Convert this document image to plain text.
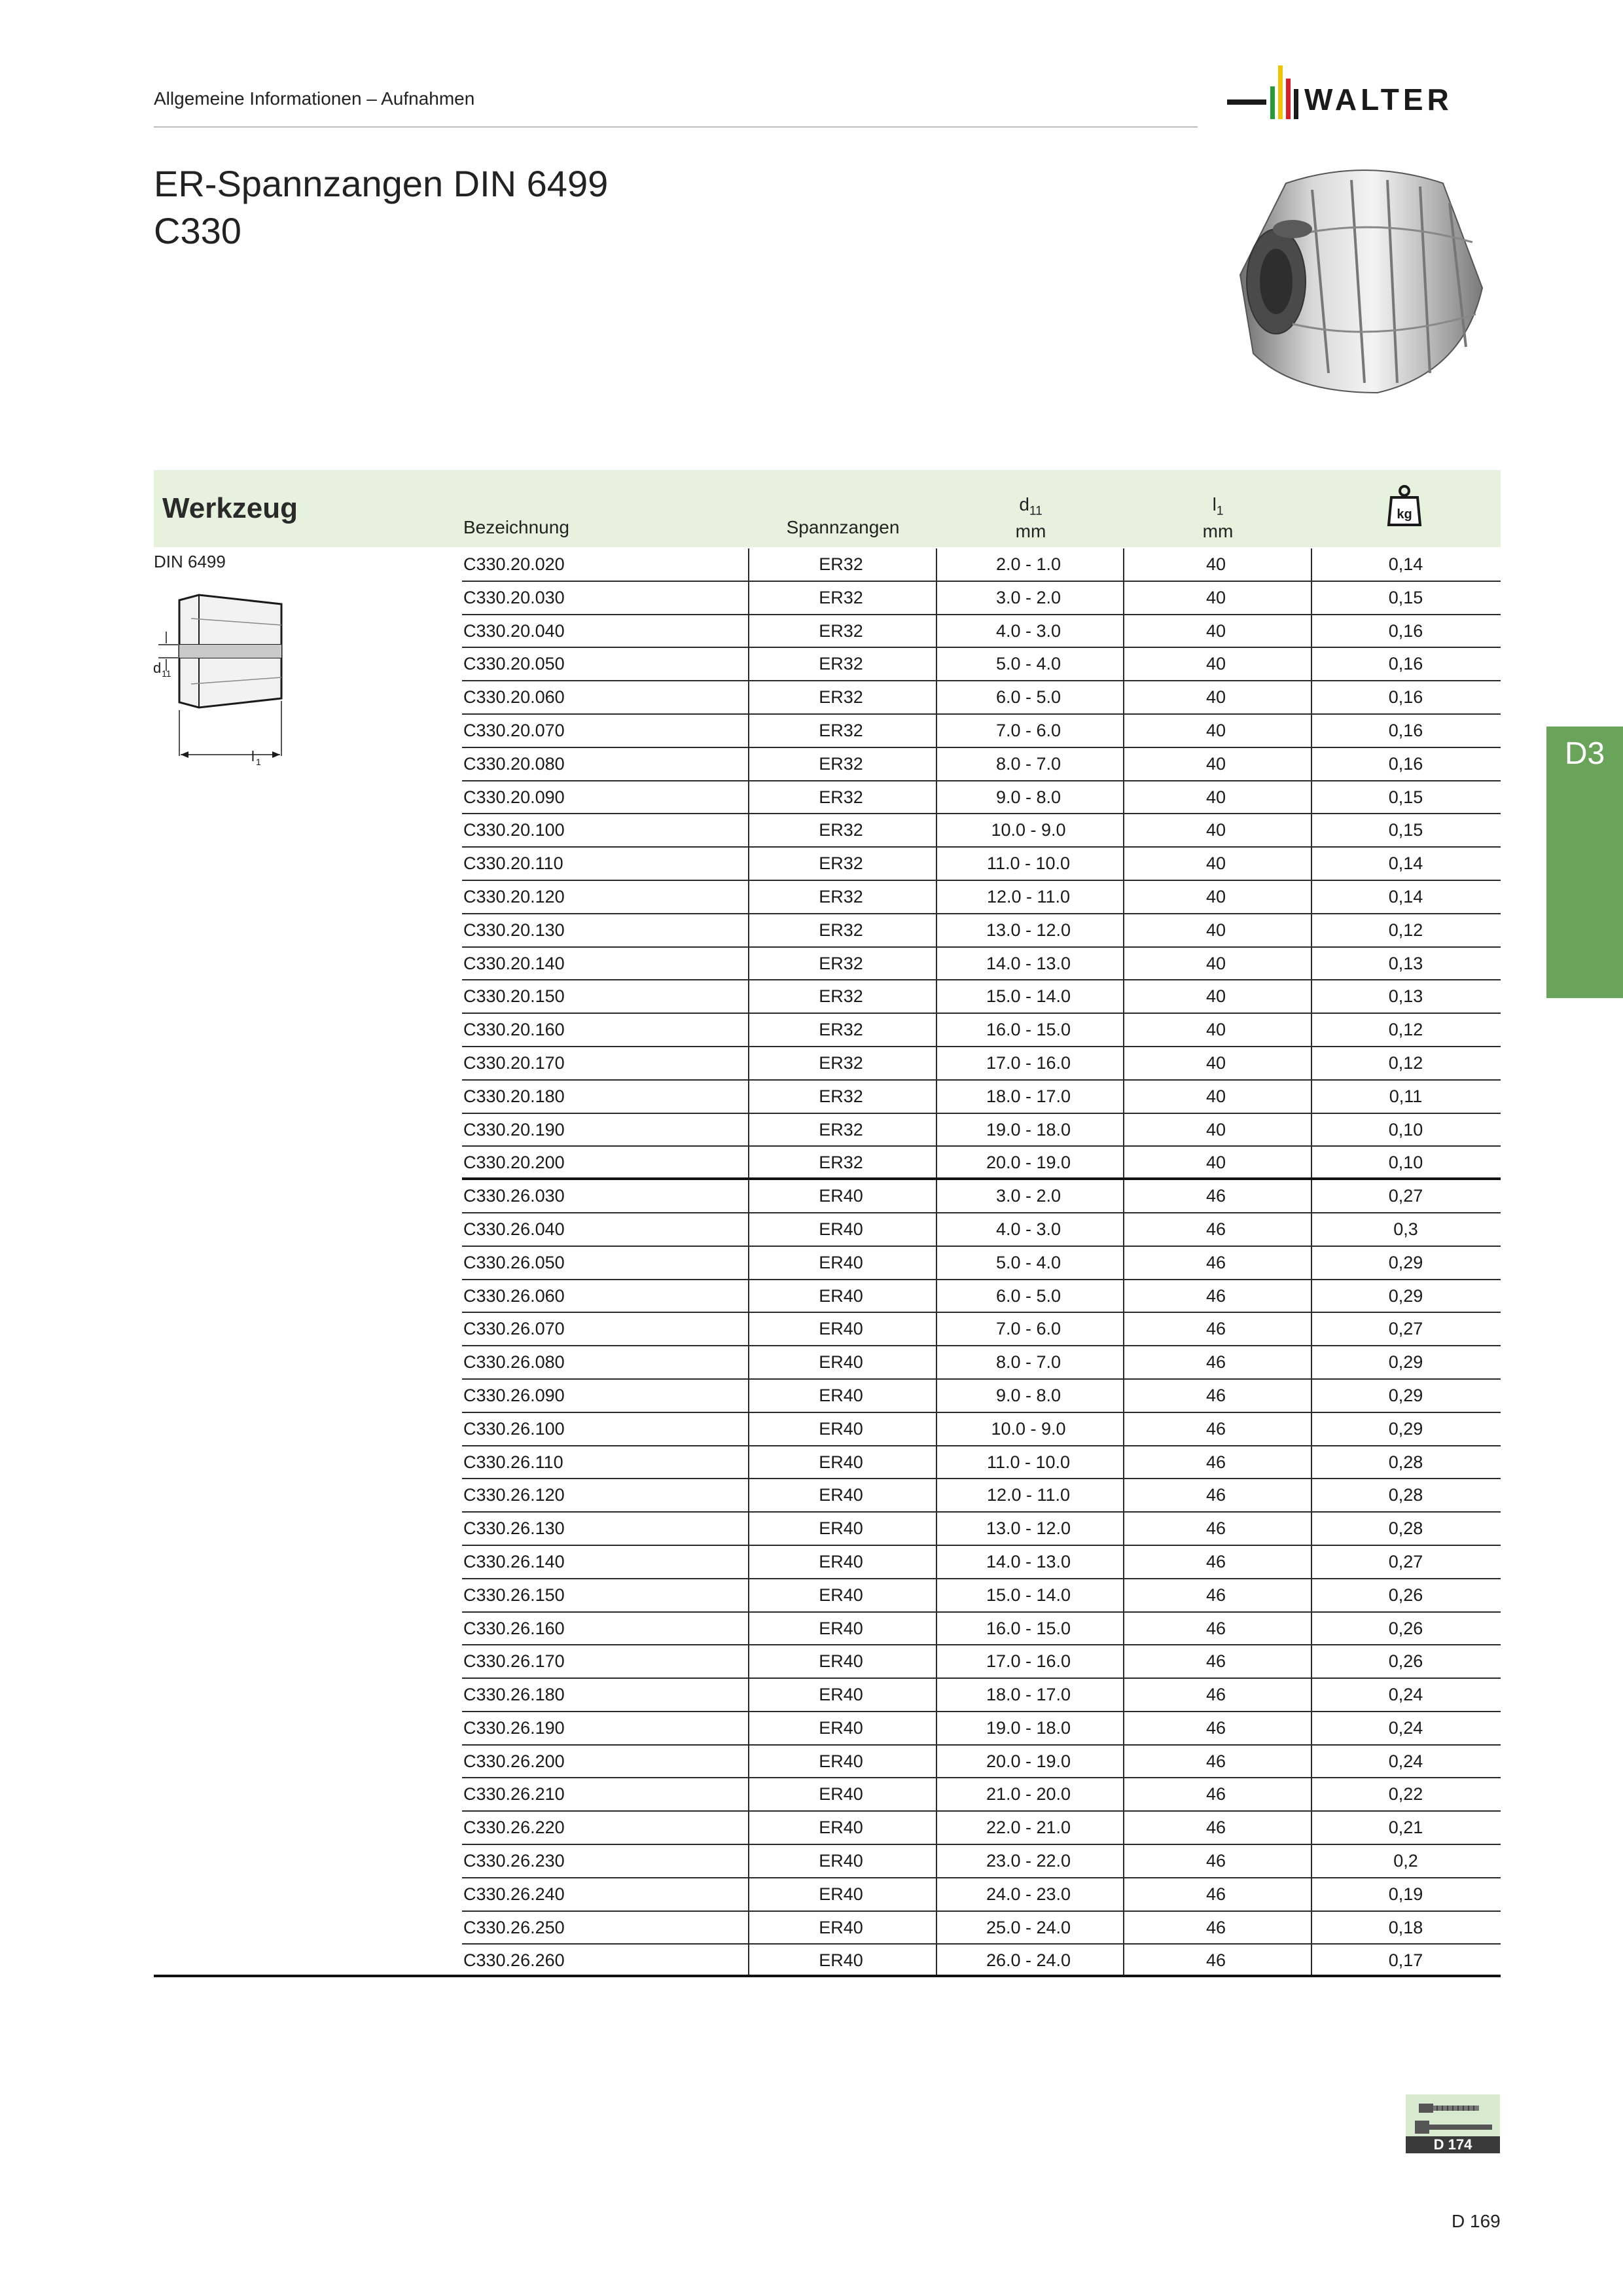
Allgemeine Informationen – Aufnahmen	WALTER
ER-Spannzangen DIN 6499
C330
Werkzeug
Bezeichnung	Spannzangen
$d_{11}$
mm
$l_1$
mm
kg
DIN 6499
d 11
l 1
C330.20.020	ER32	2.0 - 1.0	40	0,14
C330.20.030	ER32	3.0 - 2.0	40	0,15
C330.20.040	ER32	4.0 - 3.0	40	0,16
C330.20.050	ER32	5.0 - 4.0	40	0,16
C330.20.060	ER32	6.0 - 5.0	40	0,16
C330.20.070	ER32	7.0 - 6.0	40	0,16
C330.20.080	ER32	8.0 - 7.0	40	0,16
C330.20.090	ER32	9.0 - 8.0	40	0,15
C330.20.100	ER32	10.0 - 9.0	40	0,15
C330.20.110	ER32	11.0 - 10.0	40	0,14
C330.20.120	ER32	12.0 - 11.0	40	0,14
C330.20.130	ER32	13.0 - 12.0	40	0,12
C330.20.140	ER32	14.0 - 13.0	40	0,13
C330.20.150	ER32	15.0 - 14.0	40	0,13
C330.20.160	ER32	16.0 - 15.0	40	0,12
C330.20.170	ER32	17.0 - 16.0	40	0,12
C330.20.180	ER32	18.0 - 17.0	40	0,11
C330.20.190	ER32	19.0 - 18.0	40	0,10
C330.20.200	ER32	20.0 - 19.0	40	0,10
C330.26.030	ER40	3.0 - 2.0	46	0,27
C330.26.040	ER40	4.0 - 3.0	46	0,3
C330.26.050	ER40	5.0 - 4.0	46	0,29
C330.26.060	ER40	6.0 - 5.0	46	0,29
C330.26.070	ER40	7.0 - 6.0	46	0,27
C330.26.080	ER40	8.0 - 7.0	46	0,29
C330.26.090	ER40	9.0 - 8.0	46	0,29
C330.26.100	ER40	10.0 - 9.0	46	0,29
C330.26.110	ER40	11.0 - 10.0	46	0,28
C330.26.120	ER40	12.0 - 11.0	46	0,28
C330.26.130	ER40	13.0 - 12.0	46	0,28
C330.26.140	ER40	14.0 - 13.0	46	0,27
C330.26.150	ER40	15.0 - 14.0	46	0,26
C330.26.160	ER40	16.0 - 15.0	46	0,26
C330.26.170	ER40	17.0 - 16.0	46	0,26
C330.26.180	ER40	18.0 - 17.0	46	0,24
C330.26.190	ER40	19.0 - 18.0	46	0,24
C330.26.200	ER40	20.0 - 19.0	46	0,24
C330.26.210	ER40	21.0 - 20.0	46	0,22
C330.26.220	ER40	22.0 - 21.0	46	0,21
C330.26.230	ER40	23.0 - 22.0	46	0,2
C330.26.240	ER40	24.0 - 23.0	46	0,19
C330.26.250	ER40	25.0 - 24.0	46	0,18
C330.26.260	ER40	26.0 - 24.0	46	0,17
D3
D 174
D 169
